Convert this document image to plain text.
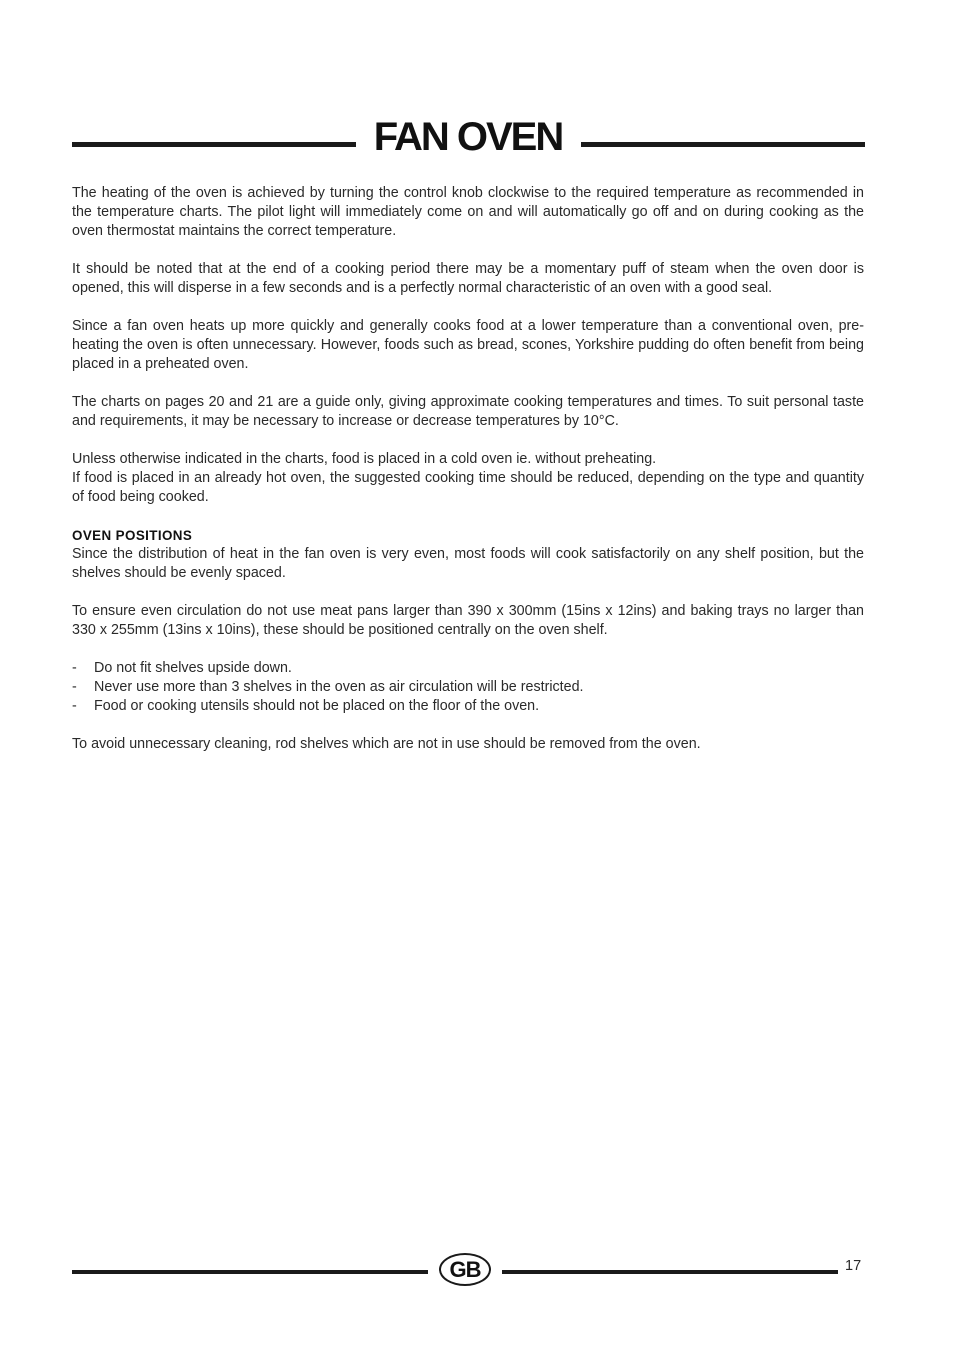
FAN OVEN

The heating of the oven is achieved by turning the control knob clockwise to the required temperature as recommended in the temperature charts. The pilot light will immediately come on and will automatically go off and on during cooking as the oven thermostat maintains the correct temperature.

It should be noted that at the end of a cooking period there may be a momentary puff of steam when the oven door is opened, this will disperse in a few seconds and is a perfectly normal characteristic of an oven with a good seal.

Since a fan oven heats up more quickly and generally cooks food at a lower temperature than a conventional oven, pre-heating the oven is often unnecessary. However, foods such as bread, scones, Yorkshire pudding do often benefit from being placed in a preheated oven.

The charts on pages 20 and 21 are a guide only, giving approximate cooking temperatures and times. To suit personal taste and requirements, it may be necessary to increase or decrease temperatures by 10°C.

Unless otherwise indicated in the charts, food is placed in a cold oven ie. without preheating.

If food is placed in an already hot oven, the suggested cooking time should be reduced, depending on the type and quantity of food being cooked.

OVEN POSITIONS

Since the distribution of heat in the fan oven is very even, most foods will cook satisfactorily on any shelf position, but the shelves should be evenly spaced.

To ensure even circulation do not use meat pans larger than 390 x 300mm (15ins x 12ins) and baking trays no larger than 330 x 255mm (13ins x 10ins), these should be positioned centrally on the oven shelf.

- Do not fit shelves upside down.
- Never use more than 3 shelves in the oven as air circulation will be restricted.
- Food or cooking utensils should not be placed on the floor of the oven.

To avoid unnecessary cleaning, rod shelves which are not in use should be removed from the oven.

GB	17
